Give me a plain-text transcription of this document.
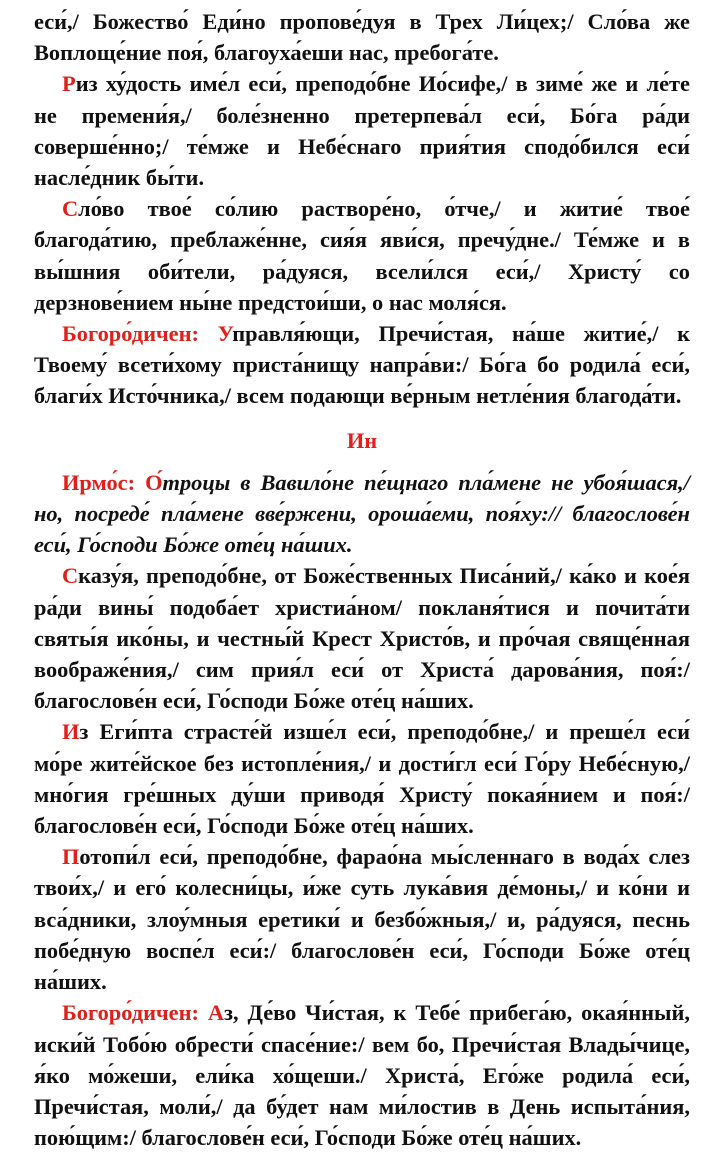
еси́,/ Божество́ Еди́но пропове́дуя в Трех Ли́цех;/ Сло́ва же Воплоще́ние поя́, благоуха́еши нас, пребога́те.

Риз ху́дость име́л еси́, преподо́бне Ио́сифе,/ в зиме́ же и ле́те не премени́я,/ боле́зненно претерпева́л еси́, Бо́га ра́ди соверше́нно;/ те́мже и Небе́снаго прия́тия сподо́бился еси́ насле́дник бы́ти.

Сло́во твое́ со́лию растворе́но, о́тче,/ и житие́ твое́ благода́тию, преблаже́нне, сия́я яви́ся, пречу́дне./ Те́мже и в вы́шния оби́тели, ра́дуяся, всели́лся еси́,/ Христу́ со дерзнове́нием ны́не предстои́ши, о нас моля́ся.

Богоро́дичен: Управля́ющи, Пречи́стая, на́ше житие́,/ к Твоему́ всети́хому приста́нищу напра́ви:/ Бо́га бо родила́ еси́, благи́х Исто́чника,/ всем подающи ве́рным нетле́ния благода́ти.

Ин

Ирмо́с: О́троцы в Вавило́не пе́щнаго пла́мене не убоя́шася,/ но, посреде́ пла́мене вве́ржени, ороша́еми, поя́ху:// благослове́н еси́, Го́споди Бо́же оте́ц на́ших.

Сказу́я, преподо́бне, от Боже́ственных Писа́ний,/ ка́ко и кое́я ра́ди вины́ подоба́ет христиа́ном/ покланя́тися и почита́ти святы́я ико́ны, и честны́й Крест Христо́в, и про́чая свяще́нная воображе́ния,/ сим прия́л еси́ от Христа́ дарова́ния, поя́:/ благослове́н еси́, Го́споди Бо́же оте́ц на́ших.

Из Еги́пта страсте́й изше́л еси́, преподо́бне,/ и преше́л еси́ мо́ре жите́йское без истопле́ния,/ и дости́гл еси́ Го́ру Небе́сную,/ мно́гия гре́шных ду́ши приводя́ Христу́ покая́нием и поя́:/ благослове́н еси́, Го́споди Бо́же оте́ц на́ших.

Потопи́л еси́, преподо́бне, фарао́на мы́сленнаго в вода́х слез твои́х,/ и его́ колесни́цы, и́же суть лука́вия де́моны,/ и ко́ни и вса́дники, злоу́мныя еретики́ и безбо́жныя,/ и, ра́дуяся, песнь побе́дную воспе́л еси́:/ благослове́н еси́, Го́споди Бо́же оте́ц на́ших.

Богоро́дичен: Аз, Де́во Чи́стая, к Тебе́ прибега́ю, окая́нный, иски́й Тобо́ю обрести́ спасе́ние:/ вем бо, Пречи́стая Влады́чице, я́ко мо́жеши, ели́ка хо́щеши./ Христа́, Его́же родила́ еси́, Пречи́стая, моли́,/ да бу́дет нам ми́лостив в День испыта́ния, пою́щим:/ благослове́н еси́, Го́споди Бо́же оте́ц на́ших.
